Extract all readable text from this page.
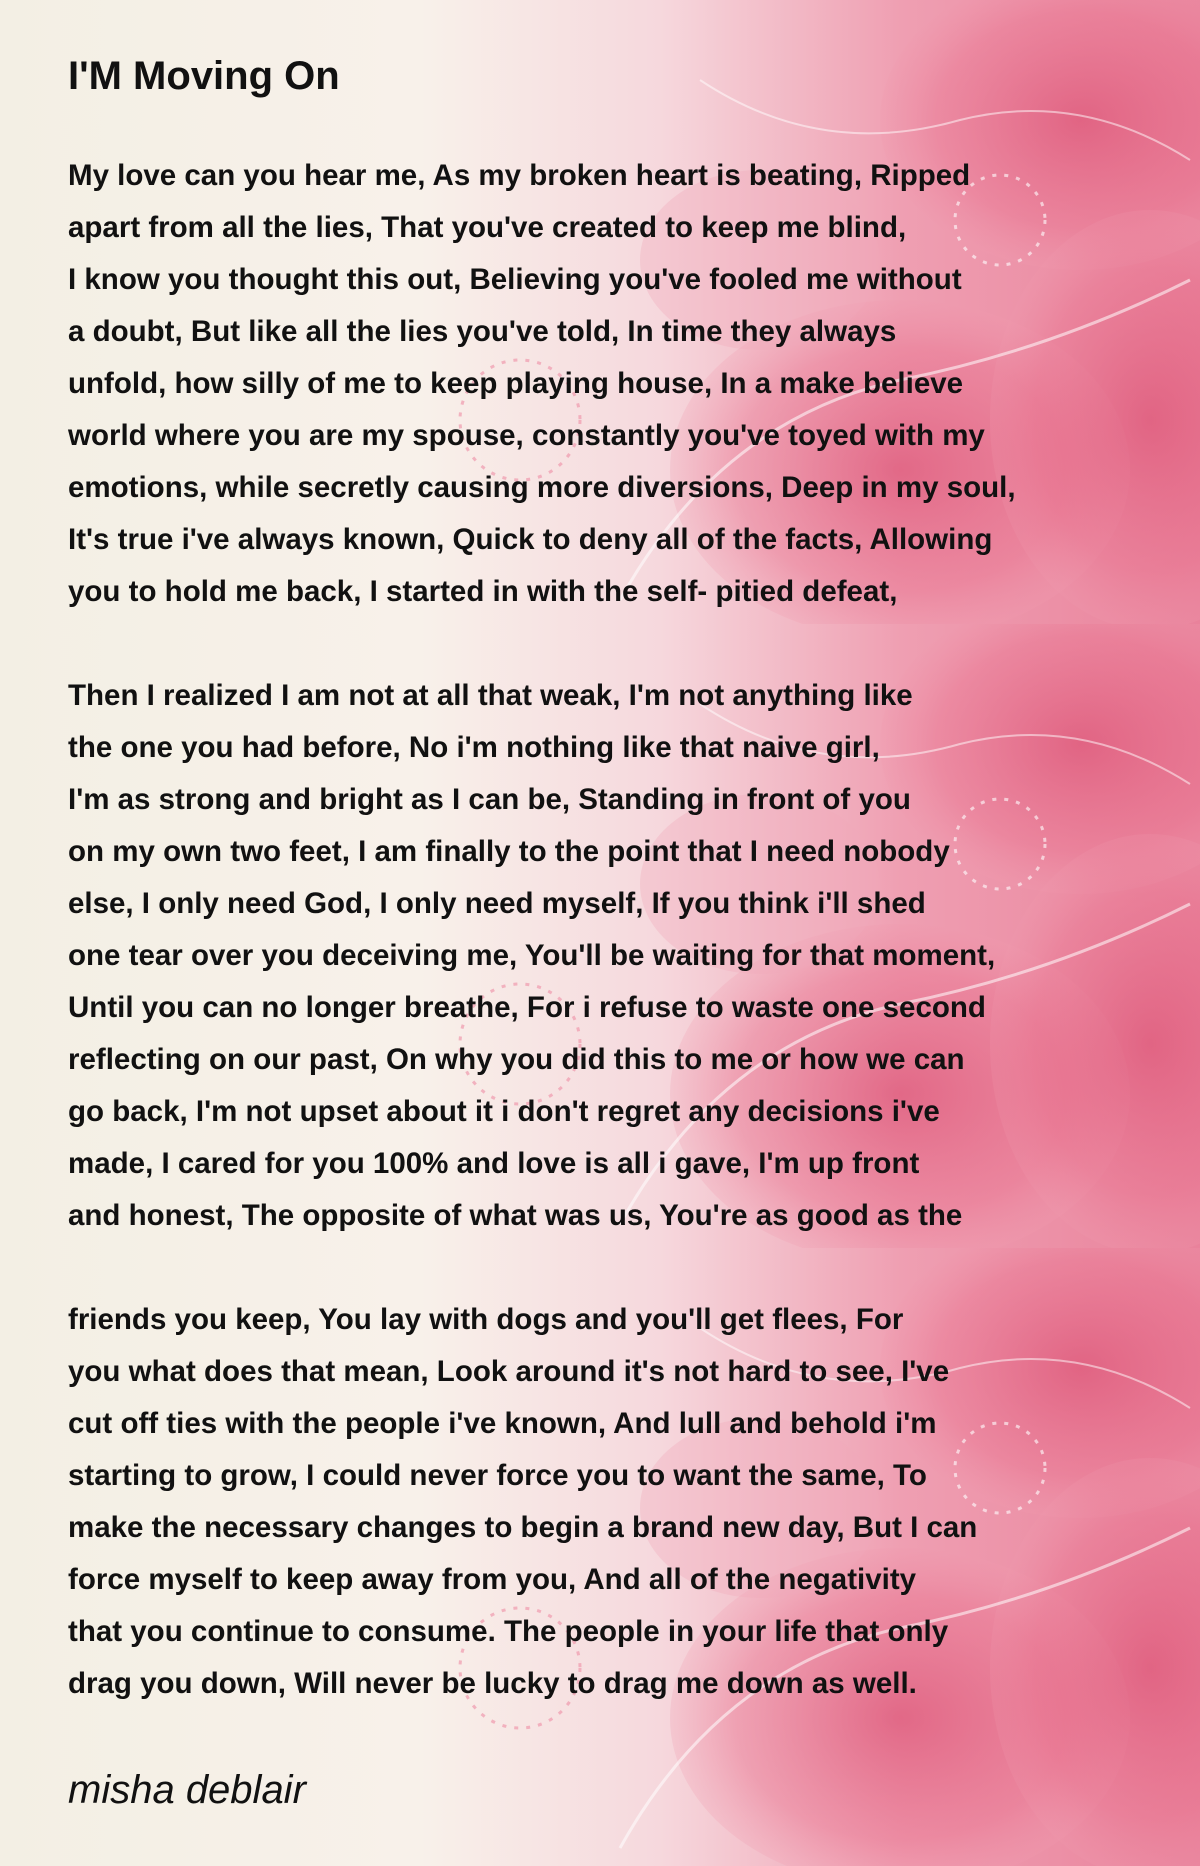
I'M Moving On
My love can you hear me, As my broken heart is beating, Ripped
apart from all the lies, That you've created to keep me blind,
I know you thought this out, Believing you've fooled me without
a doubt, But like all the lies you've told, In time they always
unfold, how silly of me to keep playing house, In a make believe
world where you are my spouse, constantly you've toyed with my
emotions, while secretly causing more diversions, Deep in my soul,
It's true i've always known, Quick to deny all of the facts, Allowing
you to hold me back, I started in with the self- pitied defeat,
Then I realized I am not at all that weak, I'm not anything like
the one you had before, No i'm nothing like that naive girl,
I'm as strong and bright as I can be, Standing in front of you
on my own two feet, I am finally to the point that I need nobody
else, I only need God, I only need myself, If you think i'll shed
one tear over you deceiving me, You'll be waiting for that moment,
Until you can no longer breathe, For i refuse to waste one second
reflecting on our past, On why you did this to me or how we can
go back, I'm not upset about it i don't regret any decisions i've
made, I cared for you 100% and love is all i gave, I'm up front
and honest, The opposite of what was us, You're as good as the
friends you keep, You lay with dogs and you'll get flees, For
you what does that mean, Look around it's not hard to see, I've
cut off ties with the people i've known, And lull and behold i'm
starting to grow, I could never force you to want the same, To
make the necessary changes to begin a brand new day, But I can
force myself to keep away from you, And all of the negativity
that you continue to consume. The people in your life that only
drag you down, Will never be lucky to drag me down as well.

misha deblair
